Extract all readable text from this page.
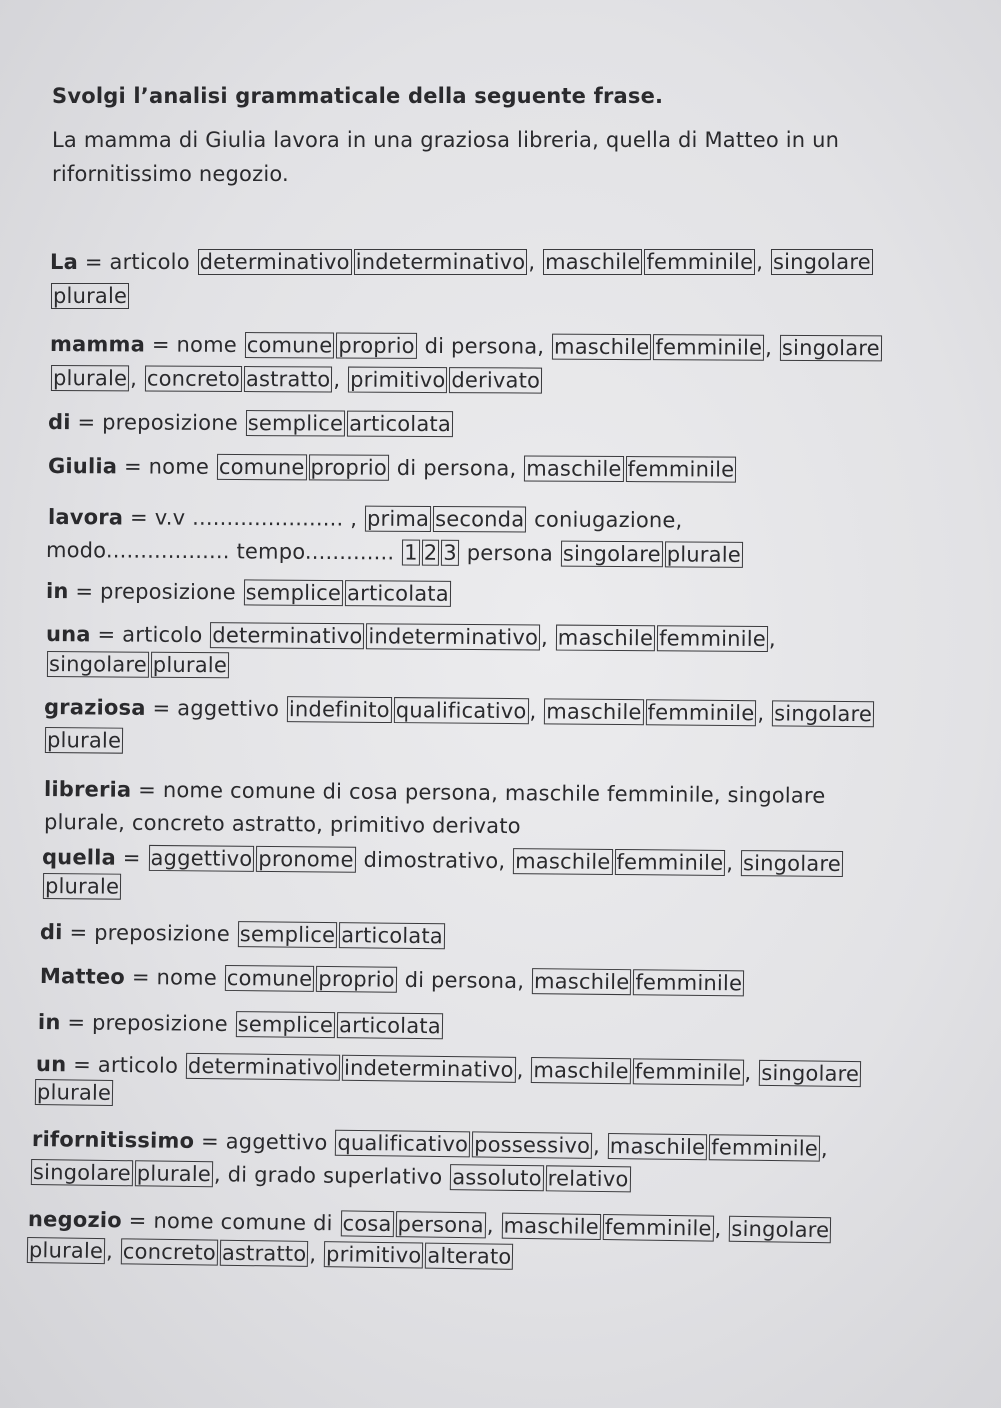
Svolgi l’analisi grammaticale della seguente frase.
La mamma di Giulia lavora in una graziosa libreria, quella di Matteo in un
rifornitissimo negozio.
La = articolo determinativo indeterminativo , maschile femminile , singolare
plurale
mamma = nome comune proprio di persona, maschile femminile , singolare
plurale , concreto astratto , primitivo derivato
di = preposizione semplice articolata
Giulia = nome comune proprio di persona, maschile femminile
lavora = v.v ...................... , prima seconda coniugazione,
modo.................. tempo............. 1 2 3 persona singolare plurale
in = preposizione semplice articolata
una = articolo determinativo indeterminativo , maschile femminile ,
singolare plurale
graziosa = aggettivo indefinito qualificativo , maschile femminile , singolare
plurale
libreria = nome comune di cosa persona, maschile femminile, singolare
plurale, concreto astratto, primitivo derivato
quella = aggettivo pronome dimostrativo, maschile femminile , singolare
plurale
di = preposizione semplice articolata
Matteo = nome comune proprio di persona, maschile femminile
in = preposizione semplice articolata
un = articolo determinativo indeterminativo , maschile femminile , singolare
plurale
rifornitissimo = aggettivo qualificativo possessivo , maschile femminile ,
singolare plurale , di grado superlativo assoluto relativo
negozio = nome comune di cosa persona , maschile femminile , singolare
plurale , concreto astratto , primitivo alterato
